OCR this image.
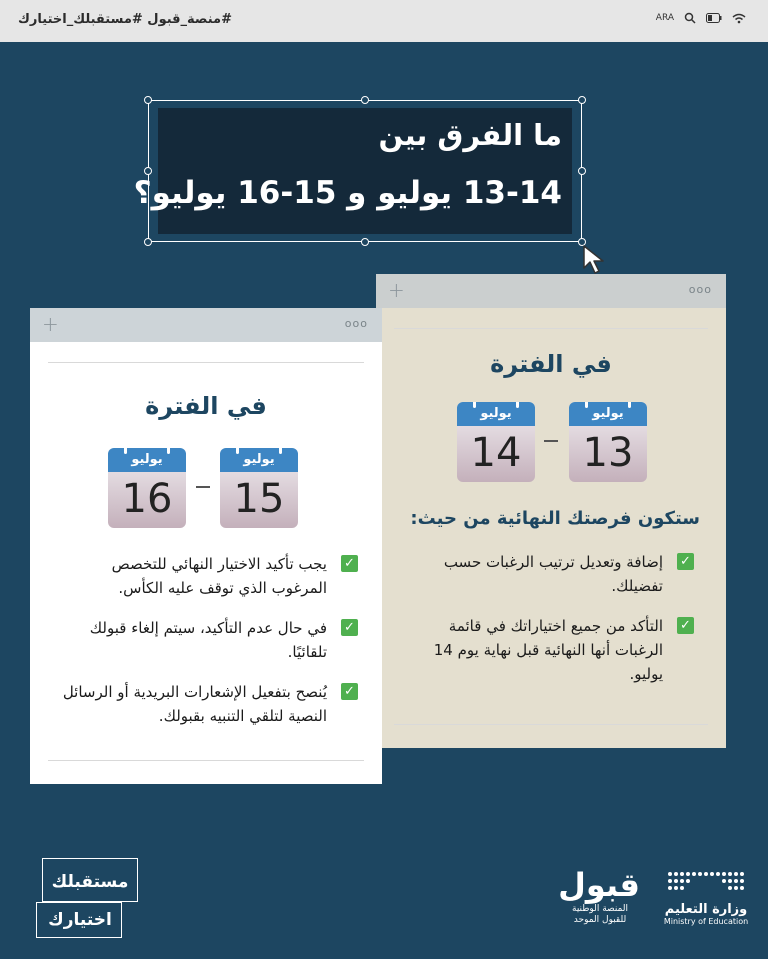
#منصة_قبول #مستقبلك_اختيارك	ARA
ما الفرق بين
13-14 يوليو و 15-16 يوليو؟
+	ooo
في الفترة
يوليو
13
يوليو
14
ستكون فرصتك النهائية من حيث:
✓
إضافة وتعديل ترتيب الرغبات حسب تفضيلك.
✓
التأكد من جميع اختياراتك في قائمة الرغبات أنها النهائية قبل نهاية يوم 14 يوليو.
+	ooo
في الفترة
يوليو
15
يوليو
16
✓
يجب تأكيد الاختيار النهائي للتخصص المرغوب الذي توقف عليه الكأس.
✓
في حال عدم التأكيد، سيتم إلغاء قبولك تلقائيًا.
✓
يُنصح بتفعيل الإشعارات البريدية أو الرسائل النصية لتلقي التنبيه بقبولك.
مستقبلك
اختيارك
قبول
المنصة الوطنية
للقبول الموحد
وزارة التعليم
Ministry of Education
